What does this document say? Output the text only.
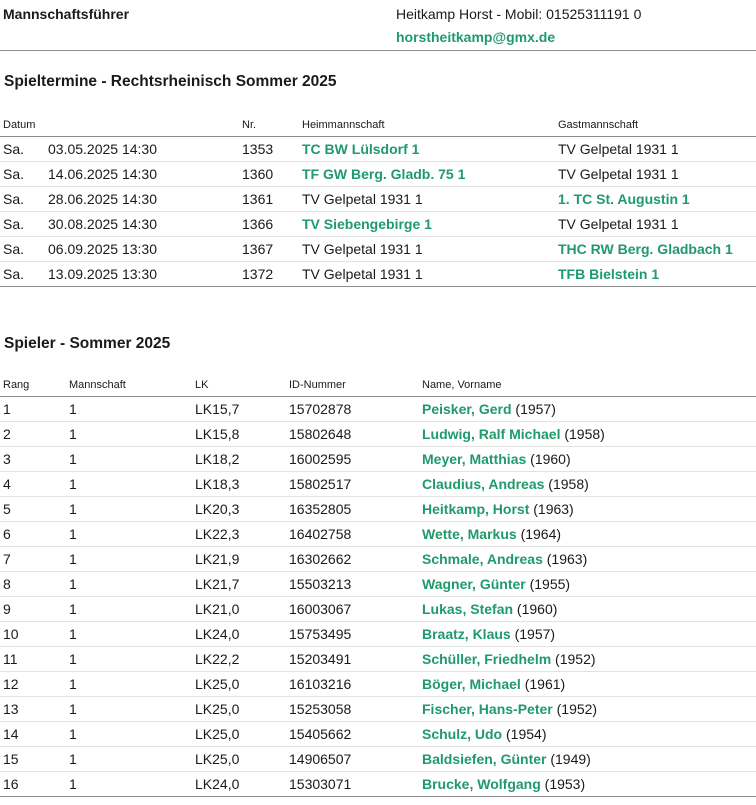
Mannschaftsführer	Heitkamp Horst - Mobil: 01525311191 0
horstheitkamp@gmx.de
Spieltermine - Rechtsrheinisch Sommer 2025
Datum		Nr.	Heimmannschaft	Gastmannschaft
Sa.	03.05.2025 14:30	1353	TC BW Lülsdorf 1	TV Gelpetal 1931 1
Sa.	14.06.2025 14:30	1360	TF GW Berg. Gladb. 75 1	TV Gelpetal 1931 1
Sa.	28.06.2025 14:30	1361	TV Gelpetal 1931 1	1. TC St. Augustin 1
Sa.	30.08.2025 14:30	1366	TV Siebengebirge 1	TV Gelpetal 1931 1
Sa.	06.09.2025 13:30	1367	TV Gelpetal 1931 1	THC RW Berg. Gladbach 1
Sa.	13.09.2025 13:30	1372	TV Gelpetal 1931 1	TFB Bielstein 1
Spieler - Sommer 2025
Rang	Mannschaft	LK	ID-Nummer	Name, Vorname
1	1	LK15,7	15702878	Peisker, Gerd (1957)
2	1	LK15,8	15802648	Ludwig, Ralf Michael (1958)
3	1	LK18,2	16002595	Meyer, Matthias (1960)
4	1	LK18,3	15802517	Claudius, Andreas (1958)
5	1	LK20,3	16352805	Heitkamp, Horst (1963)
6	1	LK22,3	16402758	Wette, Markus (1964)
7	1	LK21,9	16302662	Schmale, Andreas (1963)
8	1	LK21,7	15503213	Wagner, Günter (1955)
9	1	LK21,0	16003067	Lukas, Stefan (1960)
10	1	LK24,0	15753495	Braatz, Klaus (1957)
11	1	LK22,2	15203491	Schüller, Friedhelm (1952)
12	1	LK25,0	16103216	Böger, Michael (1961)
13	1	LK25,0	15253058	Fischer, Hans-Peter (1952)
14	1	LK25,0	15405662	Schulz, Udo (1954)
15	1	LK25,0	14906507	Baldsiefen, Günter (1949)
16	1	LK24,0	15303071	Brucke, Wolfgang (1953)
